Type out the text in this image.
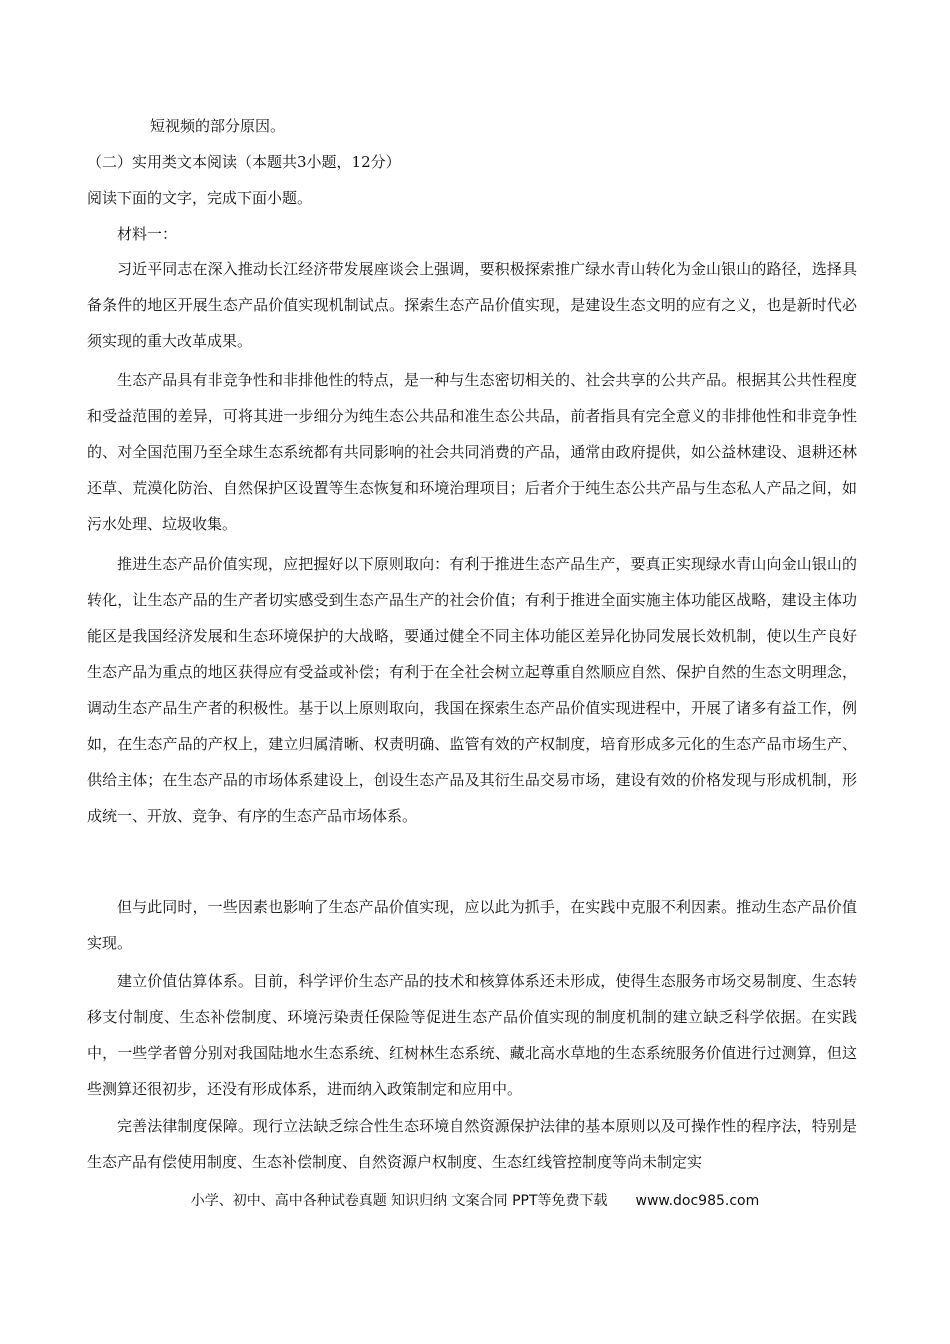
短视频的部分原因。
（二）实用类文本阅读（本题共3小题，12分）
阅读下面的文字，完成下面小题。
材料一：

习近平同志在深入推动长江经济带发展座谈会上强调，要积极探索推广绿水青山转化为金山银山的路径，选择具备条件的地区开展生态产品价值实现机制试点。探索生态产品价值实现，是建设生态文明的应有之义，也是新时代必须实现的重大改革成果。

生态产品具有非竞争性和非排他性的特点，是一种与生态密切相关的、社会共享的公共产品。根据其公共性程度和受益范围的差异，可将其进一步细分为纯生态公共品和准生态公共品，前者指具有完全意义的非排他性和非竞争性的、对全国范围乃至全球生态系统都有共同影响的社会共同消费的产品，通常由政府提供，如公益林建设、退耕还林还草、荒漠化防治、自然保护区设置等生态恢复和环境治理项目；后者介于纯生态公共产品与生态私人产品之间，如污水处理、垃圾收集。

推进生态产品价值实现，应把握好以下原则取向：有利于推进生态产品生产，要真正实现绿水青山向金山银山的转化，让生态产品的生产者切实感受到生态产品生产的社会价值；有利于推进全面实施主体功能区战略，建设主体功能区是我国经济发展和生态环境保护的大战略，要通过健全不同主体功能区差异化协同发展长效机制，使以生产良好生态产品为重点的地区获得应有受益或补偿；有利于在全社会树立起尊重自然顺应自然、保护自然的生态文明理念，调动生态产品生产者的积极性。基于以上原则取向，我国在探索生态产品价值实现进程中，开展了诸多有益工作，例如，在生态产品的产权上，建立归属清晰、权责明确、监管有效的产权制度，培育形成多元化的生态产品市场生产、供给主体；在生态产品的市场体系建设上，创设生态产品及其衍生品交易市场，建设有效的价格发现与形成机制，形成统一、开放、竞争、有序的生态产品市场体系。

但与此同时，一些因素也影响了生态产品价值实现，应以此为抓手，在实践中克服不利因素。推动生态产品价值实现。

建立价值估算体系。目前，科学评价生态产品的技术和核算体系还未形成，使得生态服务市场交易制度、生态转移支付制度、生态补偿制度、环境污染责任保险等促进生态产品价值实现的制度机制的建立缺乏科学依据。在实践中，一些学者曾分别对我国陆地水生态系统、红树林生态系统、藏北高水草地的生态系统服务价值进行过测算，但这些测算还很初步，还没有形成体系，进而纳入政策制定和应用中。

完善法律制度保障。现行立法缺乏综合性生态环境自然资源保护法律的基本原则以及可操作性的程序法，特别是生态产品有偿使用制度、生态补偿制度、自然资源户权制度、生态红线管控制度等尚未制定实

小学、初中、高中各种试卷真题 知识归纳 文案合同 PPT等免费下载 www.doc985.com
